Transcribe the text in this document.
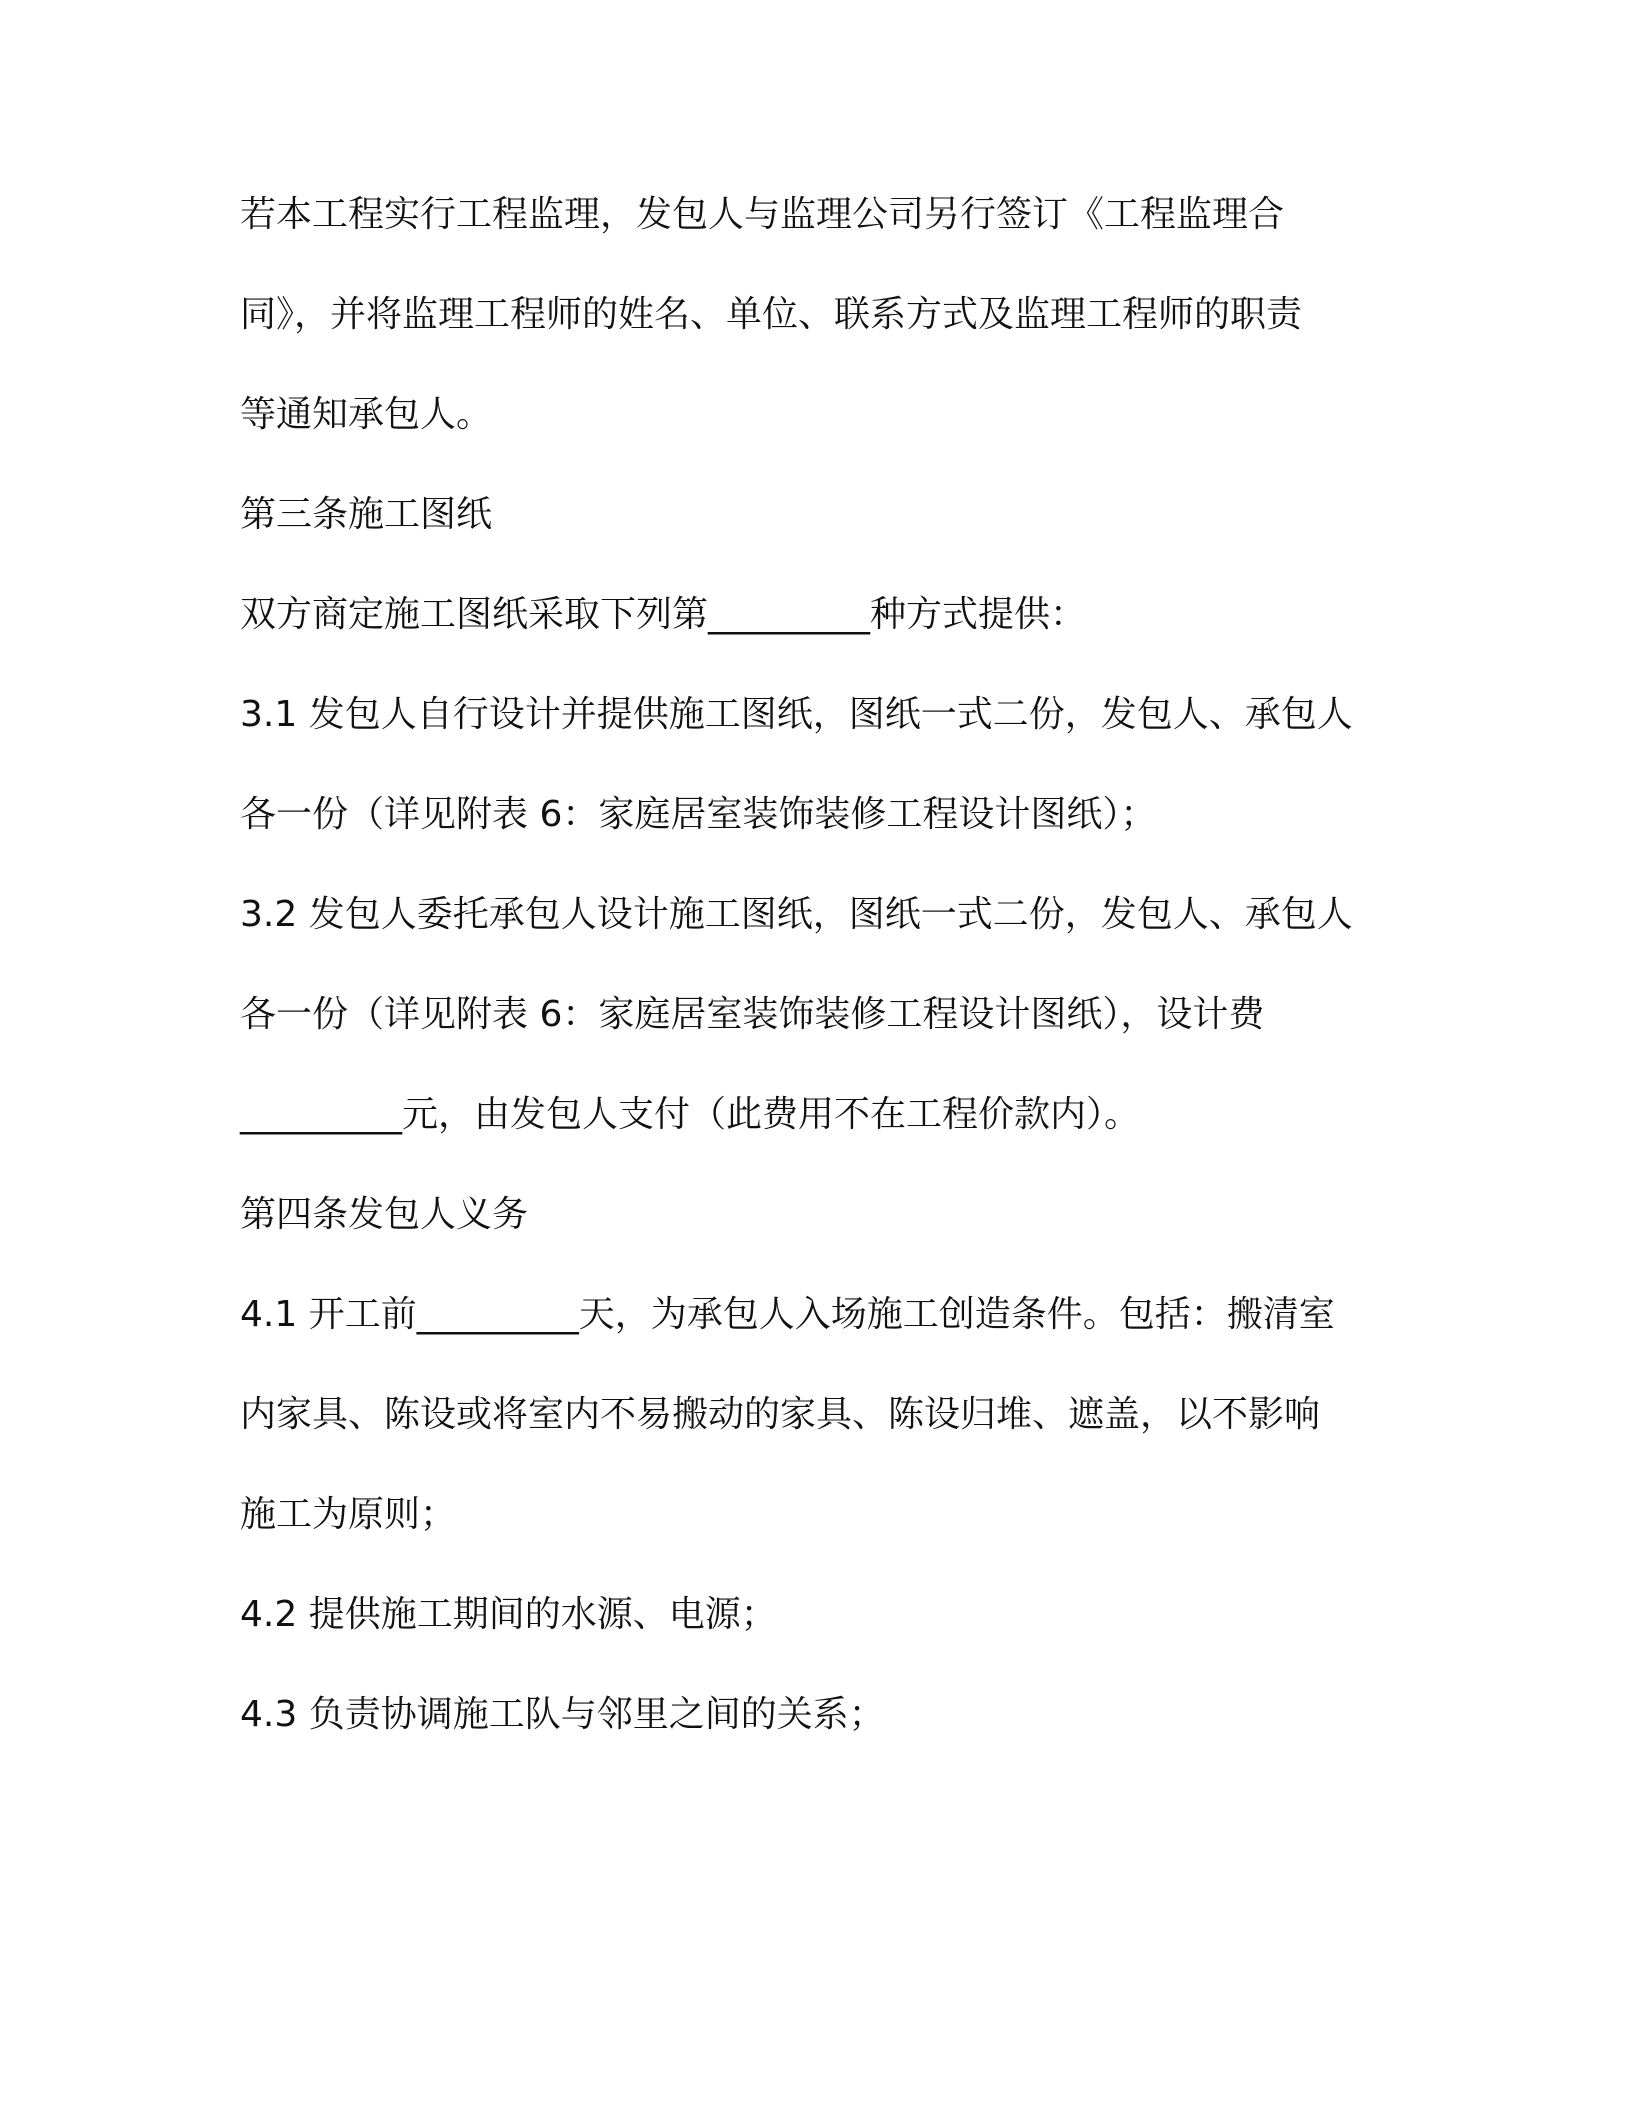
若本工程实行工程监理，发包人与监理公司另行签订《工程监理合
同》，并将监理工程师的姓名、单位、联系方式及监理工程师的职责
等通知承包人。
第三条施工图纸
双方商定施工图纸采取下列第_________种方式提供：
3.1 发包人自行设计并提供施工图纸，图纸一式二份，发包人、承包人
各一份（详见附表 6：家庭居室装饰装修工程设计图纸）；
3.2 发包人委托承包人设计施工图纸，图纸一式二份，发包人、承包人
各一份（详见附表 6：家庭居室装饰装修工程设计图纸），设计费
_________元，由发包人支付（此费用不在工程价款内）。
第四条发包人义务
4.1 开工前_________天，为承包人入场施工创造条件。包括：搬清室
内家具、陈设或将室内不易搬动的家具、陈设归堆、遮盖，以不影响
施工为原则；
4.2 提供施工期间的水源、电源；
4.3 负责协调施工队与邻里之间的关系；
